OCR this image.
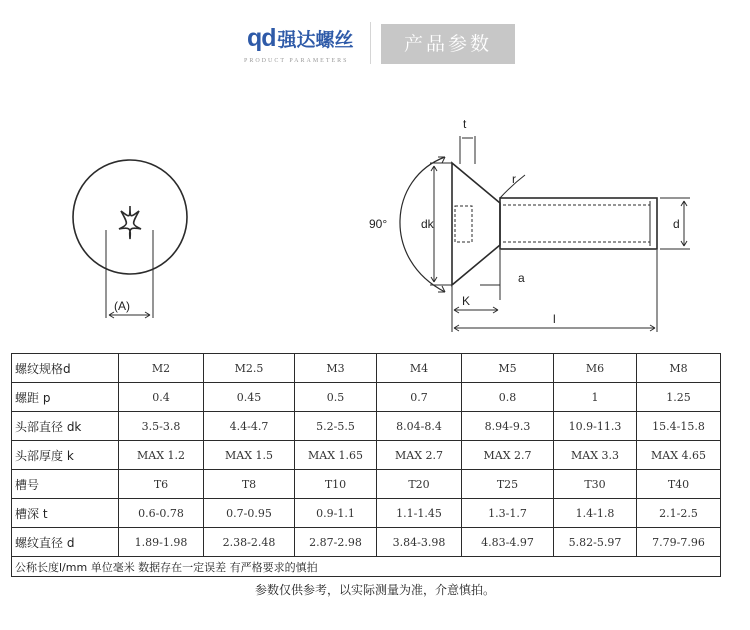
qd 强达螺丝
PRODUCT PARAMETERS
产品参数
(A)
t
r
90°	dk	d
a
K
l
螺纹规格d	M2	M2.5	M3	M4	M5	M6	M8
螺距 p	0.4	0.45	0.5	0.7	0.8	1	1.25
头部直径 dk	3.5-3.8	4.4-4.7	5.2-5.5	8.04-8.4	8.94-9.3	10.9-11.3	15.4-15.8
头部厚度 k	MAX 1.2	MAX 1.5	MAX 1.65	MAX 2.7	MAX 2.7	MAX 3.3	MAX 4.65
槽号	T6	T8	T10	T20	T25	T30	T40
槽深 t	0.6-0.78	0.7-0.95	0.9-1.1	1.1-1.45	1.3-1.7	1.4-1.8	2.1-2.5
螺纹直径 d	1.89-1.98	2.38-2.48	2.87-2.98	3.84-3.98	4.83-4.97	5.82-5.97	7.79-7.96
公称长度l/mm 单位毫米 数据存在一定误差 有严格要求的慎拍							
参数仅供参考，以实际测量为准，介意慎拍。
